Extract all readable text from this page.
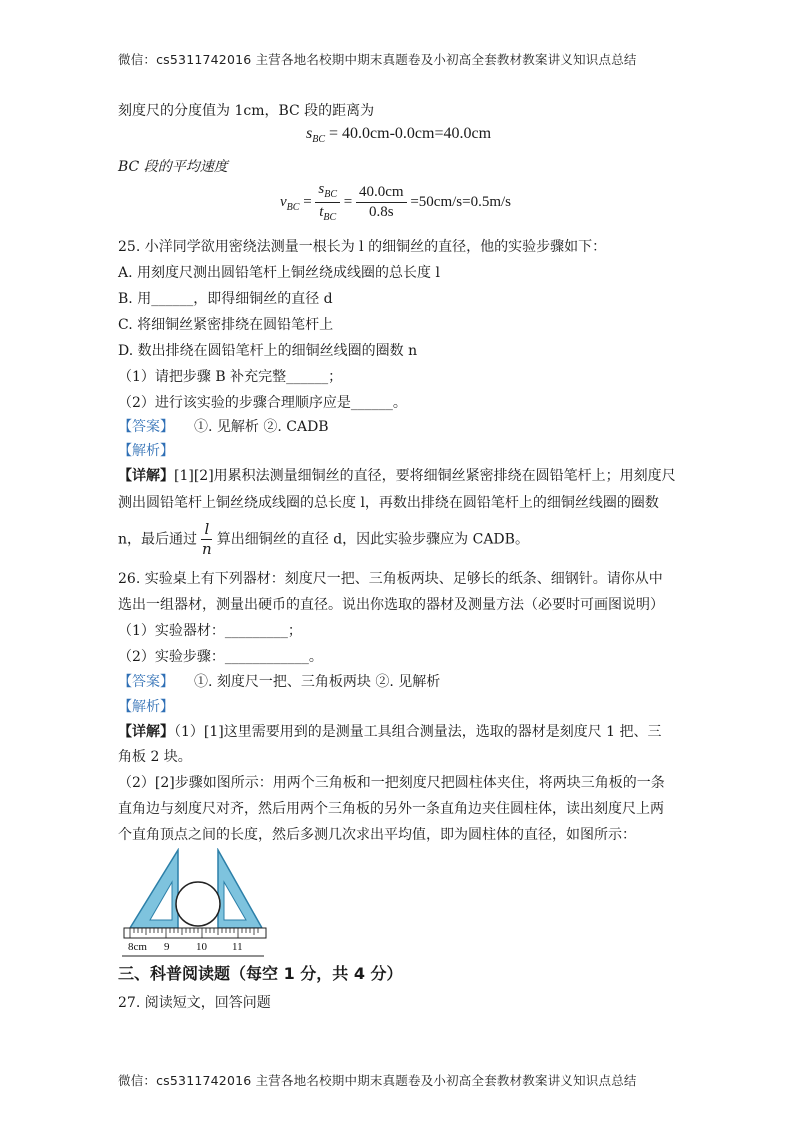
微信：cs5311742016 主营各地名校期中期末真题卷及小初高全套教材教案讲义知识点总结
刻度尺的分度值为 1cm，BC 段的距离为
$s_{BC} = 40.0cm-0.0cm=40.0cm$
BC 段的平均速度
$v_{BC} = \frac{s_{BC}}{t_{BC}} = \frac{40.0cm}{0.8s} =50cm/s=0.5m/s$
25. 小洋同学欲用密绕法测量一根长为 l 的细铜丝的直径，他的实验步骤如下：
A. 用刻度尺测出圆铅笔杆上铜丝绕成线圈的总长度 l
B. 用______，即得细铜丝的直径 d
C. 将细铜丝紧密排绕在圆铅笔杆上
D. 数出排绕在圆铅笔杆上的细铜丝线圈的圈数 n
（1）请把步骤 B 补充完整______；
（2）进行该实验的步骤合理顺序应是______。
【答案】 ①. 见解析 ②. CADB
【解析】
【详解】[1][2]用累积法测量细铜丝的直径，要将细铜丝紧密排绕在圆铅笔杆上；用刻度尺
测出圆铅笔杆上铜丝绕成线圈的总长度 l，再数出排绕在圆铅笔杆上的细铜丝线圈的圈数
n，最后通过 $\frac{l}{n}$ 算出细铜丝的直径 d，因此实验步骤应为 CADB。
26. 实验桌上有下列器材：刻度尺一把、三角板两块、足够长的纸条、细钢针。请你从中
选出一组器材，测量出硬币的直径。说出你选取的器材及测量方法（必要时可画图说明）
（1）实验器材：_________；
（2）实验步骤：____________。
【答案】 ①. 刻度尺一把、三角板两块 ②. 见解析
【解析】
【详解】（1）[1]这里需要用到的是测量工具组合测量法，选取的器材是刻度尺 1 把、三
角板 2 块。
（2）[2]步骤如图所示：用两个三角板和一把刻度尺把圆柱体夹住，将两块三角板的一条
直角边与刻度尺对齐，然后用两个三角板的另外一条直角边夹住圆柱体，读出刻度尺上两
个直角顶点之间的长度，然后多测几次求出平均值，即为圆柱体的直径，如图所示：
8cm 9 10 11
三、科普阅读题（每空 1 分，共 4 分）
27. 阅读短文，回答问题
微信：cs5311742016 主营各地名校期中期末真题卷及小初高全套教材教案讲义知识点总结
